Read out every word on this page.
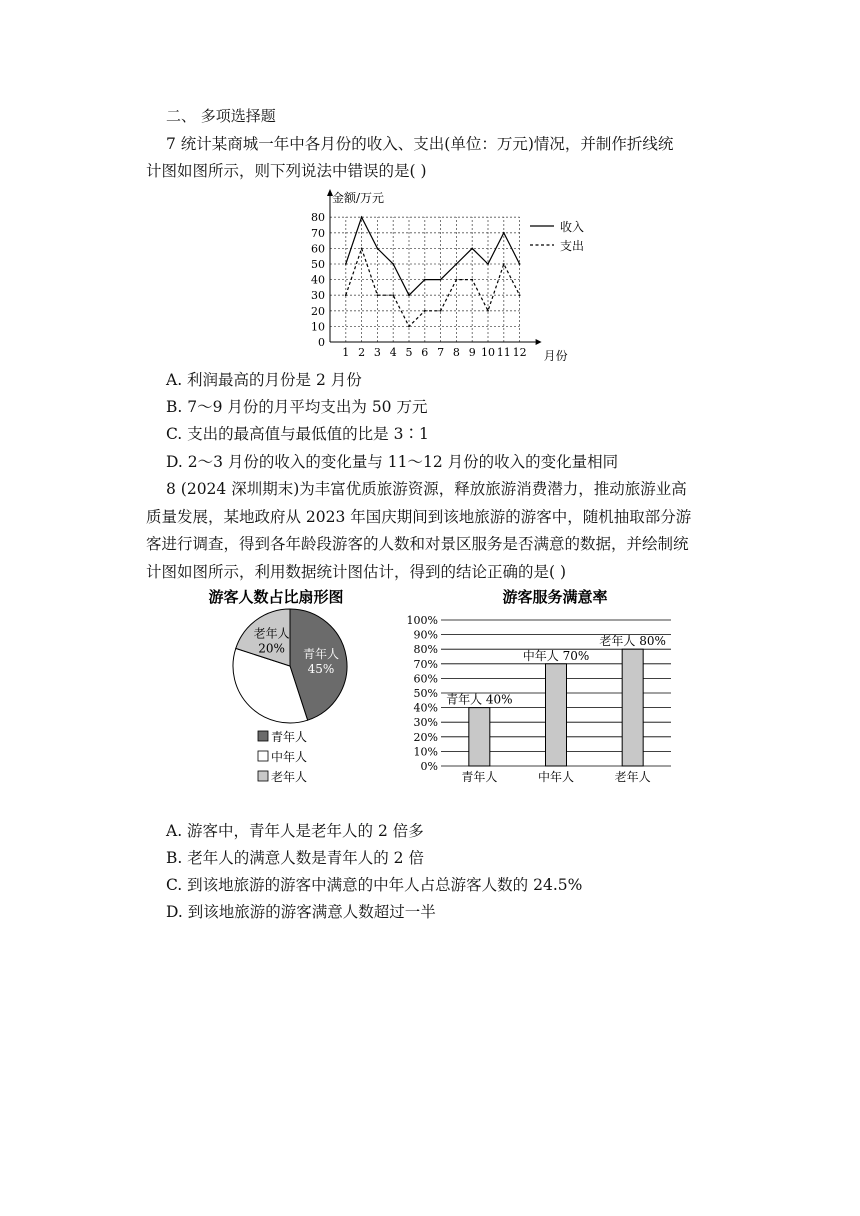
二、 多项选择题
7 统计某商城一年中各月份的收入、支出(单位：万元)情况，并制作折线统
计图如图所示，则下列说法中错误的是( )
0
10
20
30
40
50
60
70
80
1 2 3 4 5 6 7 8 9 10 11 12
金额/万元
月份
收入
支出
A. 利润最高的月份是 2 月份
B. 7～9 月份的月平均支出为 50 万元
C. 支出的最高值与最低值的比是 3∶1
D. 2～3 月份的收入的变化量与 11～12 月份的收入的变化量相同
8 (2024 深圳期末)为丰富优质旅游资源，释放旅游消费潜力，推动旅游业高
质量发展，某地政府从 2023 年国庆期间到该地旅游的游客中，随机抽取部分游
客进行调查，得到各年龄段游客的人数和对景区服务是否满意的数据，并绘制统
计图如图所示，利用数据统计图估计，得到的结论正确的是( )
游客人数占比扇形图
青年人
45%
老年人
20%
青年人
中年人
老年人
游客服务满意率
0%
10%
20%
30%
40%
50%
60%
70%
80%
90%
100%
青年人 40%
青年人
中年人 70%
中年人
老年人 80%
老年人
A. 游客中，青年人是老年人的 2 倍多
B. 老年人的满意人数是青年人的 2 倍
C. 到该地旅游的游客中满意的中年人占总游客人数的 24.5%
D. 到该地旅游的游客满意人数超过一半
